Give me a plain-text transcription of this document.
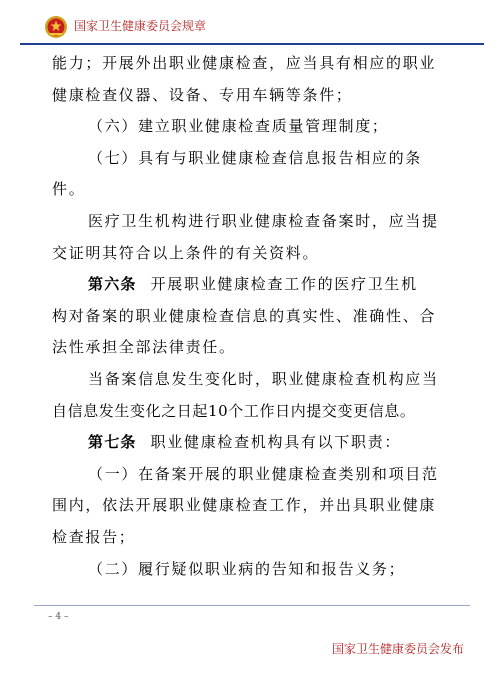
国家卫生健康委员会规章
能力；开展外出职业健康检查，应当具有相应的职业
健康检查仪器、设备、专用车辆等条件；
（六）建立职业健康检查质量管理制度；
（七）具有与职业健康检查信息报告相应的条
件。
医疗卫生机构进行职业健康检查备案时，应当提
交证明其符合以上条件的有关资料。
第六条 开展职业健康检查工作的医疗卫生机
构对备案的职业健康检查信息的真实性、准确性、合
法性承担全部法律责任。
当备案信息发生变化时，职业健康检查机构应当
自信息发生变化之日起10个工作日内提交变更信息。
第七条 职业健康检查机构具有以下职责：
（一）在备案开展的职业健康检查类别和项目范
围内，依法开展职业健康检查工作，并出具职业健康
检查报告；
（二）履行疑似职业病的告知和报告义务；
– 4 –
国家卫生健康委员会发布
